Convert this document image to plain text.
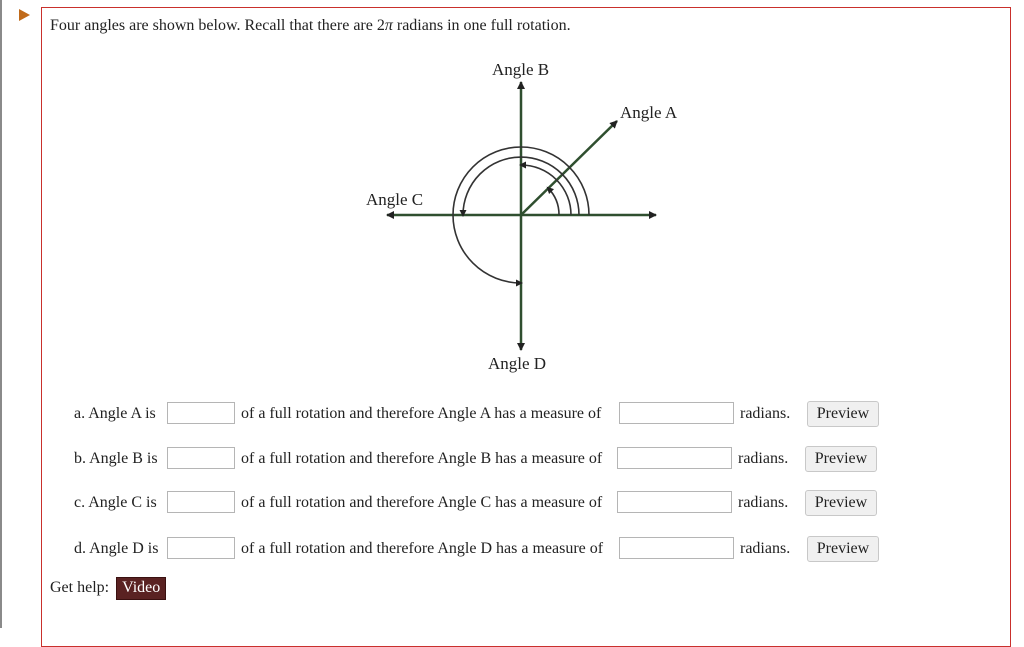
Four angles are shown below. Recall that there are 2π radians in one full rotation.
Angle B
Angle A
Angle C
Angle D
a. Angle A is	of a full rotation and therefore Angle A has a measure of	radians.	Preview
b. Angle B is	of a full rotation and therefore Angle B has a measure of	radians.	Preview
c. Angle C is	of a full rotation and therefore Angle C has a measure of	radians.	Preview
d. Angle D is	of a full rotation and therefore Angle D has a measure of	radians.	Preview
Get help: Video
